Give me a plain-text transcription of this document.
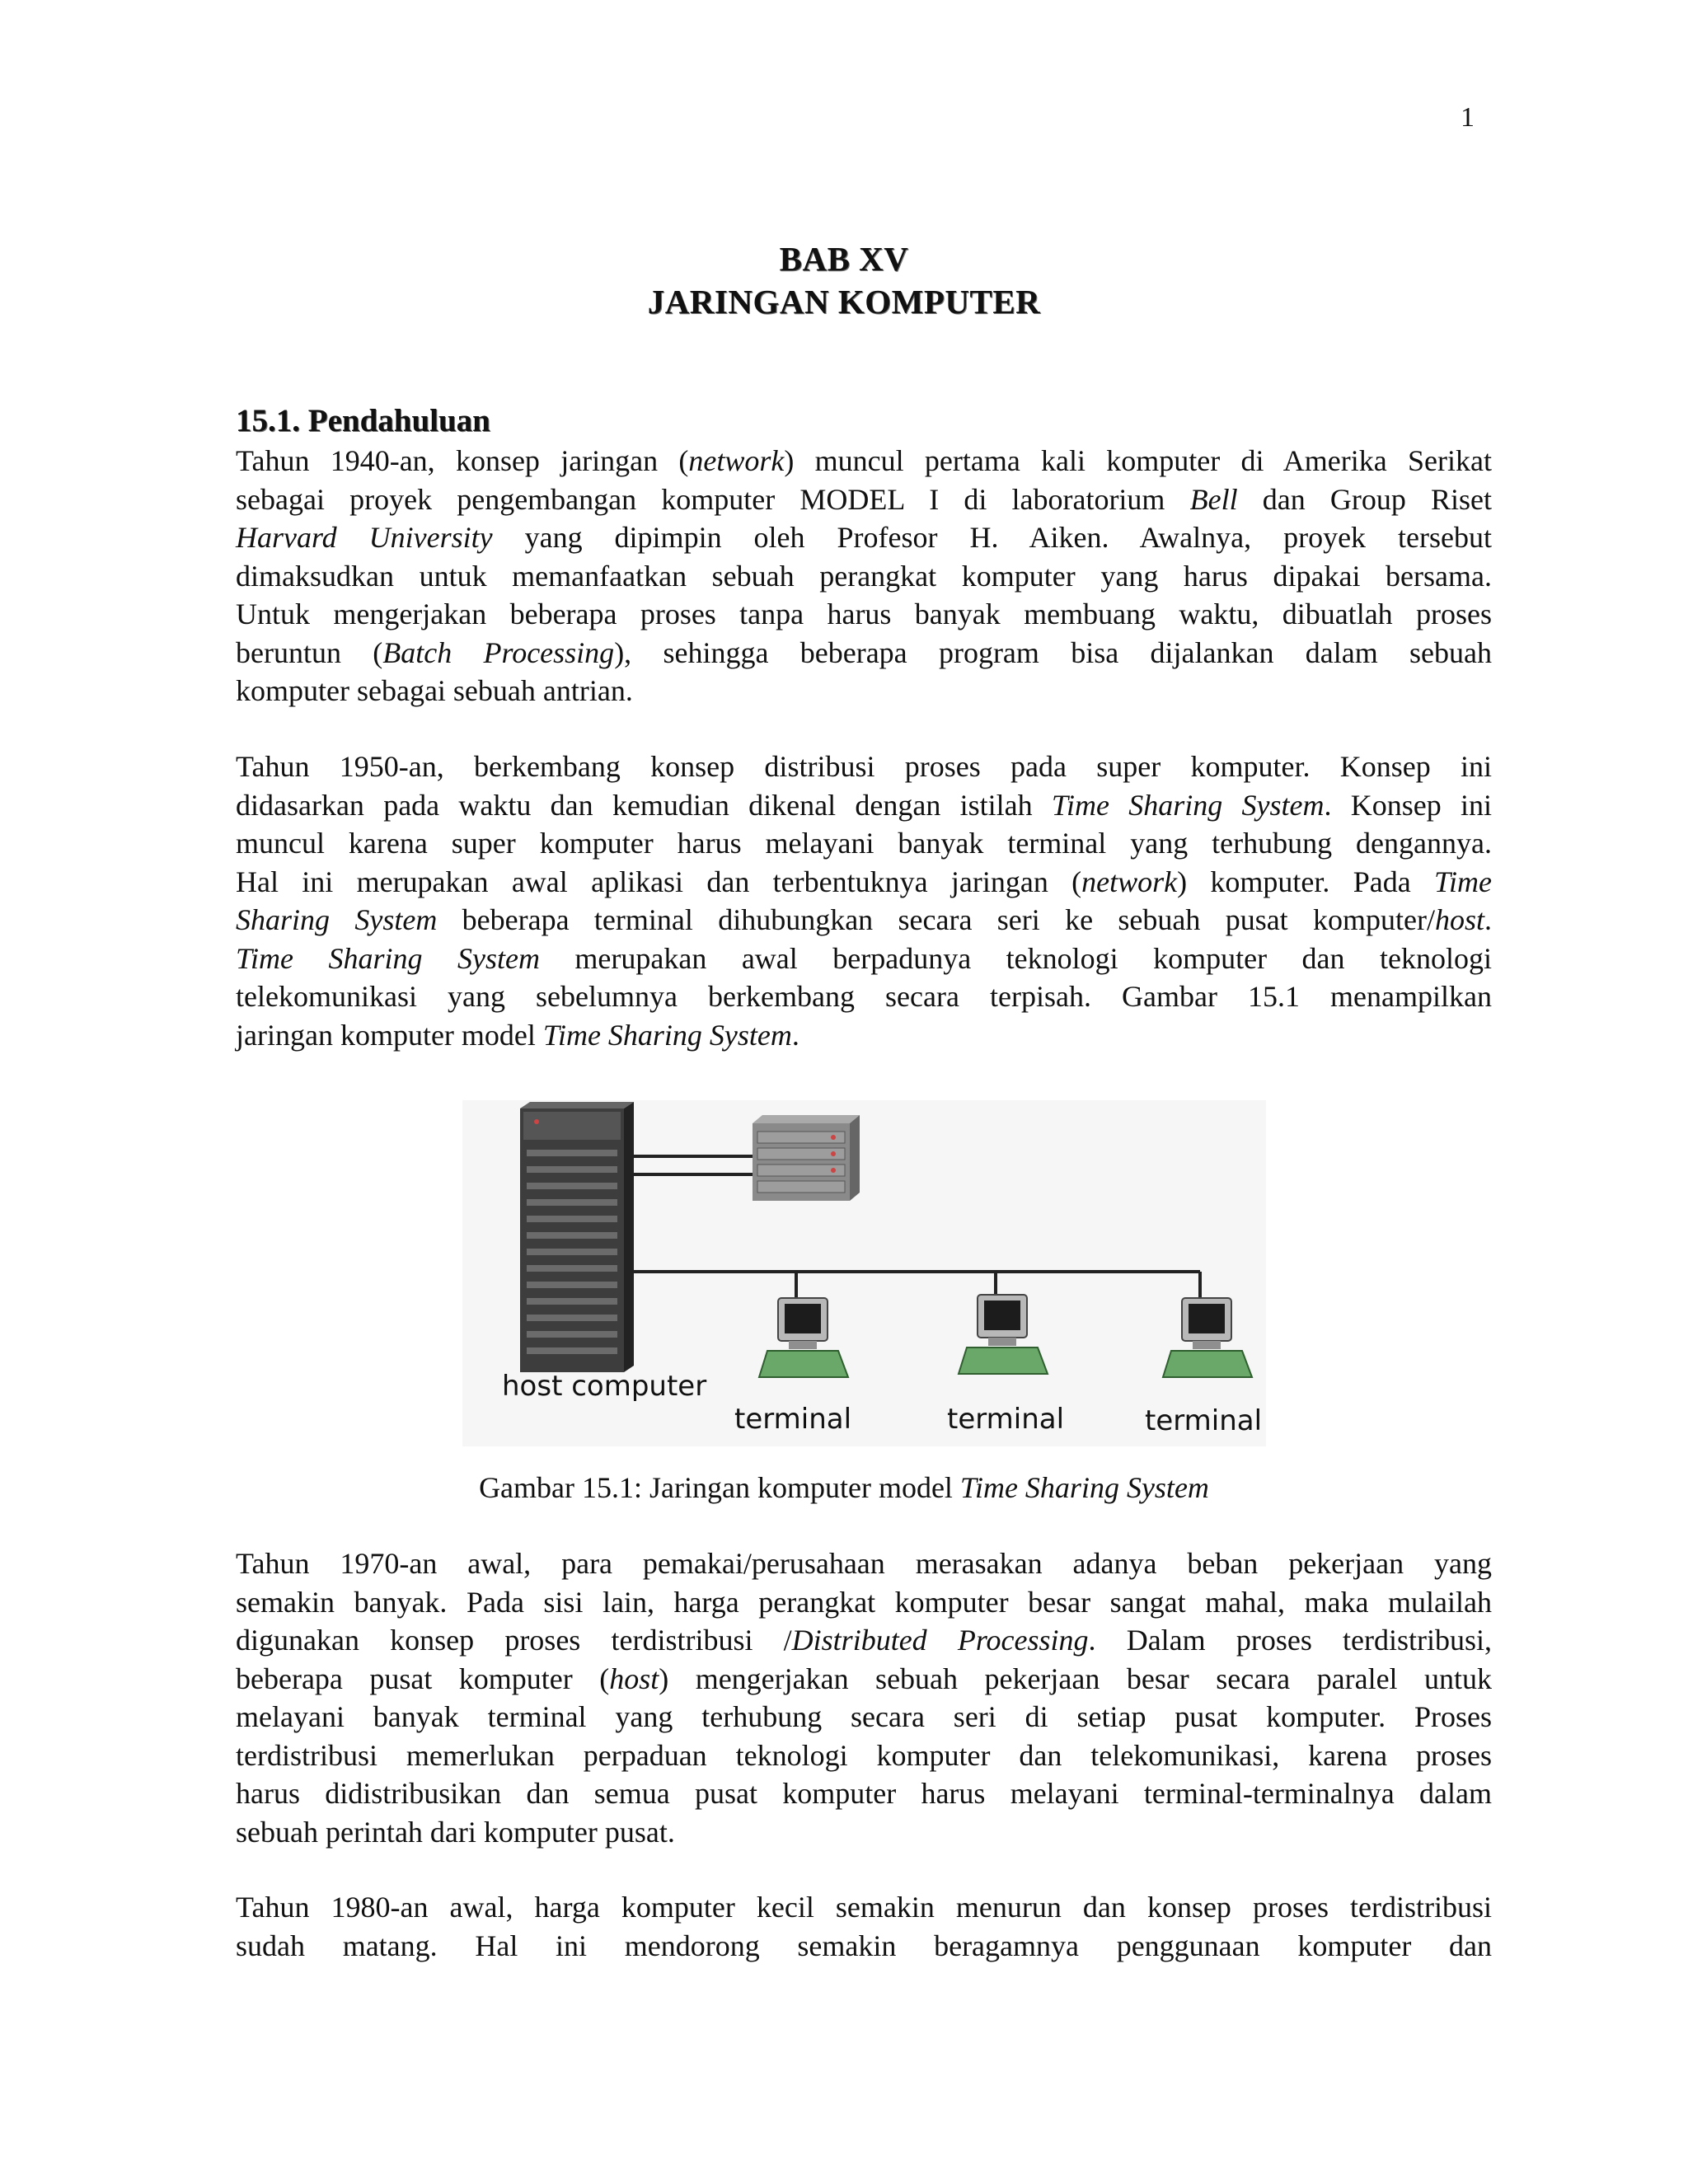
1
BAB XV
JARINGAN KOMPUTER
15.1. Pendahuluan
Tahun 1940-an, konsep jaringan (network) muncul pertama kali komputer di Amerika Serikat
sebagai proyek pengembangan komputer MODEL I di laboratorium Bell dan Group Riset
Harvard University yang dipimpin oleh Profesor H. Aiken. Awalnya, proyek tersebut
dimaksudkan untuk memanfaatkan sebuah perangkat komputer yang harus dipakai bersama.
Untuk mengerjakan beberapa proses tanpa harus banyak membuang waktu, dibuatlah proses
beruntun (Batch Processing), sehingga beberapa program bisa dijalankan dalam sebuah
komputer sebagai sebuah antrian.
Tahun 1950-an, berkembang konsep distribusi proses pada super komputer. Konsep ini
didasarkan pada waktu dan kemudian dikenal dengan istilah Time Sharing System. Konsep ini
muncul karena super komputer harus melayani banyak terminal yang terhubung dengannya.
Hal ini merupakan awal aplikasi dan terbentuknya jaringan (network) komputer. Pada Time
Sharing System beberapa terminal dihubungkan secara seri ke sebuah pusat komputer/host.
Time Sharing System merupakan awal berpadunya teknologi komputer dan teknologi
telekomunikasi yang sebelumnya berkembang secara terpisah. Gambar 15.1 menampilkan
jaringan komputer model Time Sharing System.
host computer
terminal	terminal	terminal
Gambar 15.1: Jaringan komputer model Time Sharing System
Tahun 1970-an awal, para pemakai/perusahaan merasakan adanya beban pekerjaan yang
semakin banyak. Pada sisi lain, harga perangkat komputer besar sangat mahal, maka mulailah
digunakan konsep proses terdistribusi /Distributed Processing. Dalam proses terdistribusi,
beberapa pusat komputer (host) mengerjakan sebuah pekerjaan besar secara paralel untuk
melayani banyak terminal yang terhubung secara seri di setiap pusat komputer. Proses
terdistribusi memerlukan perpaduan teknologi komputer dan telekomunikasi, karena proses
harus didistribusikan dan semua pusat komputer harus melayani terminal-terminalnya dalam
sebuah perintah dari komputer pusat.
Tahun 1980-an awal, harga komputer kecil semakin menurun dan konsep proses terdistribusi
sudah matang. Hal ini mendorong semakin beragamnya penggunaan komputer dan
